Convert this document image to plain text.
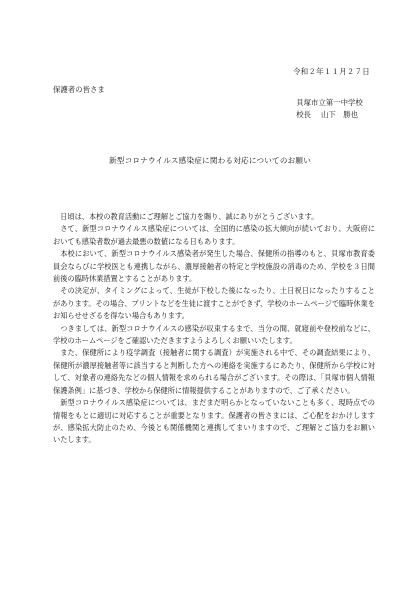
令和２年１１月２７日
保護者の皆さま
貝塚市立第一中学校
校長 山下　勝也
新型コロナウイルス感染症に関わる対応についてのお願い

日頃は、本校の教育活動にご理解とご協力を賜り、誠にありがとうございます。

さて、新型コロナウイルス感染症については、全国的に感染の拡大傾向が続いており、大阪府においても感染者数が過去最悪の数値になる日もあります。

本校において、新型コロナウイルス感染者が発生した場合、保健所の指導のもと、貝塚市教育委員会ならびに学校医とも連携しながら、濃厚接触者の特定と学校施設の消毒のため、学校を３日間前後の臨時休業措置とすることがあります。

その決定が、タイミングによって、生徒が下校した後になったり、土日祝日になったりすることがあります。その場合、プリントなどを生徒に渡すことができず、学校のホームページで臨時休業をお知らせせざるを得ない場合もあります。

つきましては、新型コロナウイルスの感染が収束するまで、当分の間、就寝前や登校前などに、学校のホームページをご確認いただきますようよろしくお願いいたします。

また、保健所により疫学調査（接触者に関する調査）が実施される中で、その調査結果により、保健所が濃厚接触者等に該当すると判断した方への連絡を実施するにあたり、保健所から学校に対して、対象者の連絡先などの個人情報を求められる場合がございます。その際は、「貝塚市個人情報保護条例」に基づき、学校から保健所に情報提供することがありますので、ご了承ください。

新型コロナウイルス感染症については、まだまだ明らかとなっていないことも多く、現時点での情報をもとに適切に対応することが重要となります。保護者の皆さまには、ご心配をおかけしますが、感染拡大防止のため、今後とも関係機関と連携してまいりますので、ご理解とご協力をお願いいたします。
